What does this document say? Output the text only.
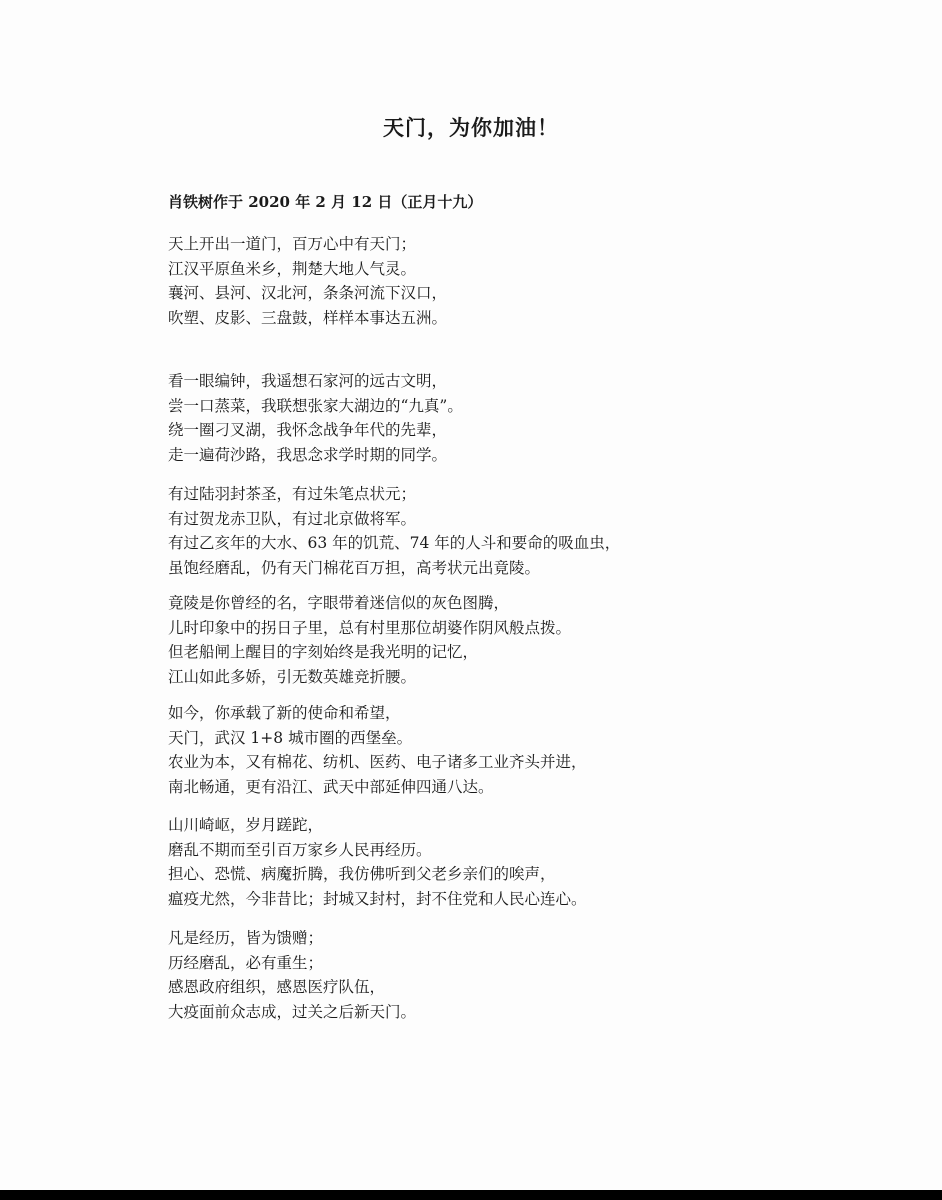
天门，为你加油！
肖铁树作于 2020 年 2 月 12 日（正月十九）
天上开出一道门，百万心中有天门；
江汉平原鱼米乡，荆楚大地人气灵。
襄河、县河、汉北河，条条河流下汉口，
吹塑、皮影、三盘鼓，样样本事达五洲。
看一眼编钟，我遥想石家河的远古文明，
尝一口蒸菜，我联想张家大湖边的“九真”。
绕一圈刁叉湖，我怀念战争年代的先辈，
走一遍荷沙路，我思念求学时期的同学。
有过陆羽封茶圣，有过朱笔点状元；
有过贺龙赤卫队，有过北京做将军。
有过乙亥年的大水、63 年的饥荒、74 年的人斗和要命的吸血虫，
虽饱经磨乱，仍有天门棉花百万担，高考状元出竟陵。
竟陵是你曾经的名，字眼带着迷信似的灰色图腾，
儿时印象中的拐日子里，总有村里那位胡婆作阴风般点拨。
但老船闸上醒目的字刻始终是我光明的记忆，
江山如此多娇，引无数英雄竞折腰。
如今，你承载了新的使命和希望，
天门，武汉 1+8 城市圈的西堡垒。
农业为本，又有棉花、纺机、医药、电子诸多工业齐头并进，
南北畅通，更有沿江、武天中部延伸四通八达。
山川崎岖，岁月蹉跎，
磨乱不期而至引百万家乡人民再经历。
担心、恐慌、病魔折腾，我仿佛听到父老乡亲们的唉声，
瘟疫尤然，今非昔比；封城又封村，封不住党和人民心连心。
凡是经历，皆为馈赠；
历经磨乱，必有重生；
感恩政府组织，感恩医疗队伍，
大疫面前众志成，过关之后新天门。
